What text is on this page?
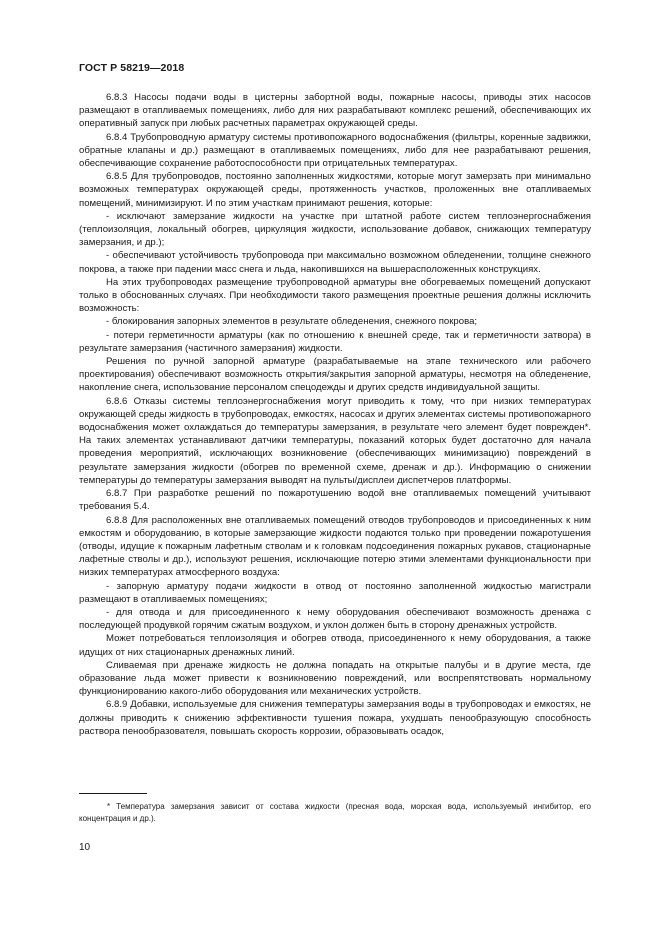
ГОСТ Р 58219—2018

6.8.3 Насосы подачи воды в цистерны забортной воды, пожарные насосы, приводы этих насосов размещают в отапливаемых помещениях, либо для них разрабатывают комплекс решений, обеспечивающих их оперативный запуск при любых расчетных параметрах окружающей среды.

6.8.4 Трубопроводную арматуру системы противопожарного водоснабжения (фильтры, коренные задвижки, обратные клапаны и др.) размещают в отапливаемых помещениях, либо для нее разрабатывают решения, обеспечивающие сохранение работоспособности при отрицательных температурах.

6.8.5 Для трубопроводов, постоянно заполненных жидкостями, которые могут замерзать при минимально возможных температурах окружающей среды, протяженность участков, проложенных вне отапливаемых помещений, минимизируют. И по этим участкам принимают решения, которые:

- исключают замерзание жидкости на участке при штатной работе систем теплоэнергоснабжения (теплоизоляция, локальный обогрев, циркуляция жидкости, использование добавок, снижающих температуру замерзания, и др.);

- обеспечивают устойчивость трубопровода при максимально возможном обледенении, толщине снежного покрова, а также при падении масс снега и льда, накопившихся на вышерасположенных конструкциях.

На этих трубопроводах размещение трубопроводной арматуры вне обогреваемых помещений допускают только в обоснованных случаях. При необходимости такого размещения проектные решения должны исключить возможность:

- блокирования запорных элементов в результате обледенения, снежного покрова;

- потери герметичности арматуры (как по отношению к внешней среде, так и герметичности затвора) в результате замерзания (частичного замерзания) жидкости.

Решения по ручной запорной арматуре (разрабатываемые на этапе технического или рабочего проектирования) обеспечивают возможность открытия/закрытия запорной арматуры, несмотря на обледенение, накопление снега, использование персоналом спецодежды и других средств индивидуальной защиты.

6.8.6 Отказы системы теплоэнергоснабжения могут приводить к тому, что при низких температурах окружающей среды жидкость в трубопроводах, емкостях, насосах и других элементах системы противопожарного водоснабжения может охлаждаться до температуры замерзания, в результате чего элемент будет поврежден*. На таких элементах устанавливают датчики температуры, показаний которых будет достаточно для начала проведения мероприятий, исключающих возникновение (обеспечивающих минимизацию) повреждений в результате замерзания жидкости (обогрев по временной схеме, дренаж и др.). Информацию о снижении температуры до температуры замерзания выводят на пульты/дисплеи диспетчеров платформы.

6.8.7 При разработке решений по пожаротушению водой вне отапливаемых помещений учитывают требования 5.4.

6.8.8 Для расположенных вне отапливаемых помещений отводов трубопроводов и присоединенных к ним емкостям и оборудованию, в которые замерзающие жидкости подаются только при проведении пожаротушения (отводы, идущие к пожарным лафетным стволам и к головкам подсоединения пожарных рукавов, стационарные лафетные стволы и др.), используют решения, исключающие потерю этими элементами функциональности при низких температурах атмосферного воздуха:

- запорную арматуру подачи жидкости в отвод от постоянно заполненной жидкостью магистрали размещают в отапливаемых помещениях;

- для отвода и для присоединенного к нему оборудования обеспечивают возможность дренажа с последующей продувкой горячим сжатым воздухом, и уклон должен быть в сторону дренажных устройств.

Может потребоваться теплоизоляция и обогрев отвода, присоединенного к нему оборудования, а также идущих от них стационарных дренажных линий.

Сливаемая при дренаже жидкость не должна попадать на открытые палубы и в другие места, где образование льда может привести к возникновению повреждений, или воспрепятствовать нормальному функционированию какого-либо оборудования или механических устройств.

6.8.9 Добавки, используемые для снижения температуры замерзания воды в трубопроводах и емкостях, не должны приводить к снижению эффективности тушения пожара, ухудшать пенообразующую способность раствора пенообразователя, повышать скорость коррозии, образовывать осадок,

* Температура замерзания зависит от состава жидкости (пресная вода, морская вода, используемый ингибитор, его концентрация и др.).

10
